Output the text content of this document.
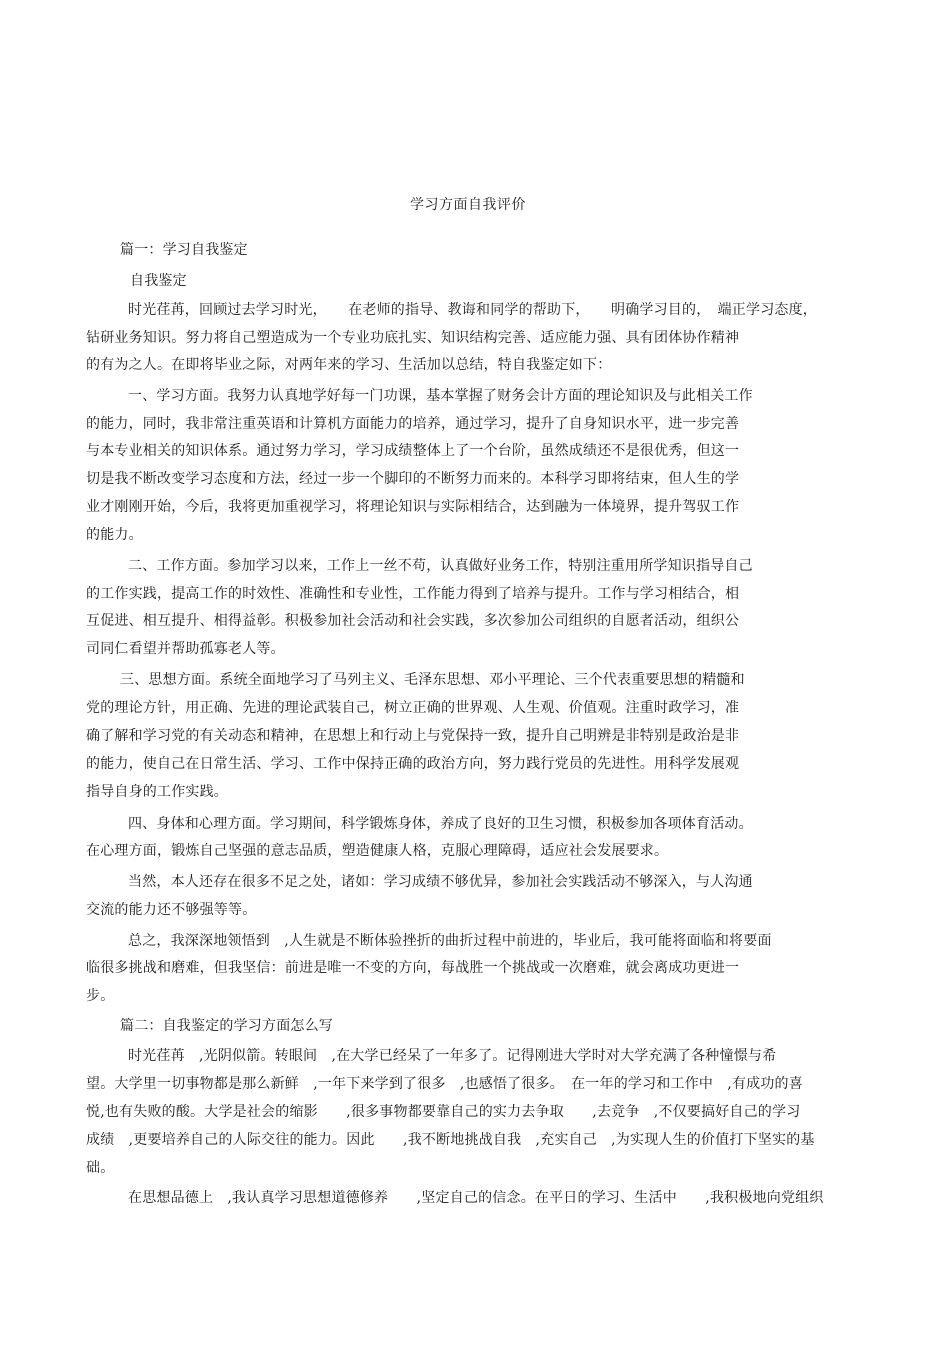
学习方面自我评价
篇一：学习自我鉴定
自我鉴定
时光荏苒，回顾过去学习时光，　　在老师的指导、教诲和同学的帮助下，　　明确学习目的，　端正学习态度，
钻研业务知识。努力将自己塑造成为一个专业功底扎实、知识结构完善、适应能力强、具有团体协作精神
的有为之人。在即将毕业之际，对两年来的学习、生活加以总结，特自我鉴定如下：
一、学习方面。我努力认真地学好每一门功课，基本掌握了财务会计方面的理论知识及与此相关工作
的能力，同时，我非常注重英语和计算机方面能力的培养，通过学习，提升了自身知识水平，进一步完善
与本专业相关的知识体系。通过努力学习，学习成绩整体上了一个台阶，虽然成绩还不是很优秀，但这一
切是我不断改变学习态度和方法，经过一步一个脚印的不断努力而来的。本科学习即将结束，但人生的学
业才刚刚开始，今后，我将更加重视学习，将理论知识与实际相结合，达到融为一体境界，提升驾驭工作
的能力。
二、工作方面。参加学习以来，工作上一丝不苟，认真做好业务工作，特别注重用所学知识指导自己
的工作实践，提高工作的时效性、准确性和专业性，工作能力得到了培养与提升。工作与学习相结合，相
互促进、相互提升、相得益彰。积极参加社会活动和社会实践，多次参加公司组织的自愿者活动，组织公
司同仁看望并帮助孤寡老人等。
三、思想方面。系统全面地学习了马列主义、毛泽东思想、邓小平理论、三个代表重要思想的精髓和
党的理论方针，用正确、先进的理论武装自己，树立正确的世界观、人生观、价值观。注重时政学习，准
确了解和学习党的有关动态和精神，在思想上和行动上与党保持一致，提升自己明辨是非特别是政治是非
的能力，使自己在日常生活、学习、工作中保持正确的政治方向，努力践行党员的先进性。用科学发展观
指导自身的工作实践。
四、身体和心理方面。学习期间，科学锻炼身体，养成了良好的卫生习惯，积极参加各项体育活动。
在心理方面，锻炼自己坚强的意志品质，塑造健康人格，克服心理障碍，适应社会发展要求。
当然，本人还存在很多不足之处，诸如：学习成绩不够优异，参加社会实践活动不够深入，与人沟通
交流的能力还不够强等等。
总之，我深深地领悟到　,人生就是不断体验挫折的曲折过程中前进的，毕业后，我可能将面临和将要面
临很多挑战和磨难，但我坚信：前进是唯一不变的方向，每战胜一个挑战或一次磨难，就会离成功更进一
步。
篇二：自我鉴定的学习方面怎么写
时光荏苒　,光阴似箭。转眼间　,在大学已经呆了一年多了。记得刚进大学时对大学充满了各种憧憬与希
望。大学里一切事物都是那么新鲜　,一年下来学到了很多　,也感悟了很多。　在一年的学习和工作中　,有成功的喜
悦,也有失败的酸。大学是社会的缩影　　,很多事物都要靠自己的实力去争取　　,去竞争　,不仅要搞好自己的学习
成绩　,更要培养自己的人际交往的能力。因此　　,我不断地挑战自我　,充实自己　,为实现人生的价值打下坚实的基
础。
在思想品德上　,我认真学习思想道德修养　　,坚定自己的信念。在平日的学习、生活中　　,我积极地向党组织
